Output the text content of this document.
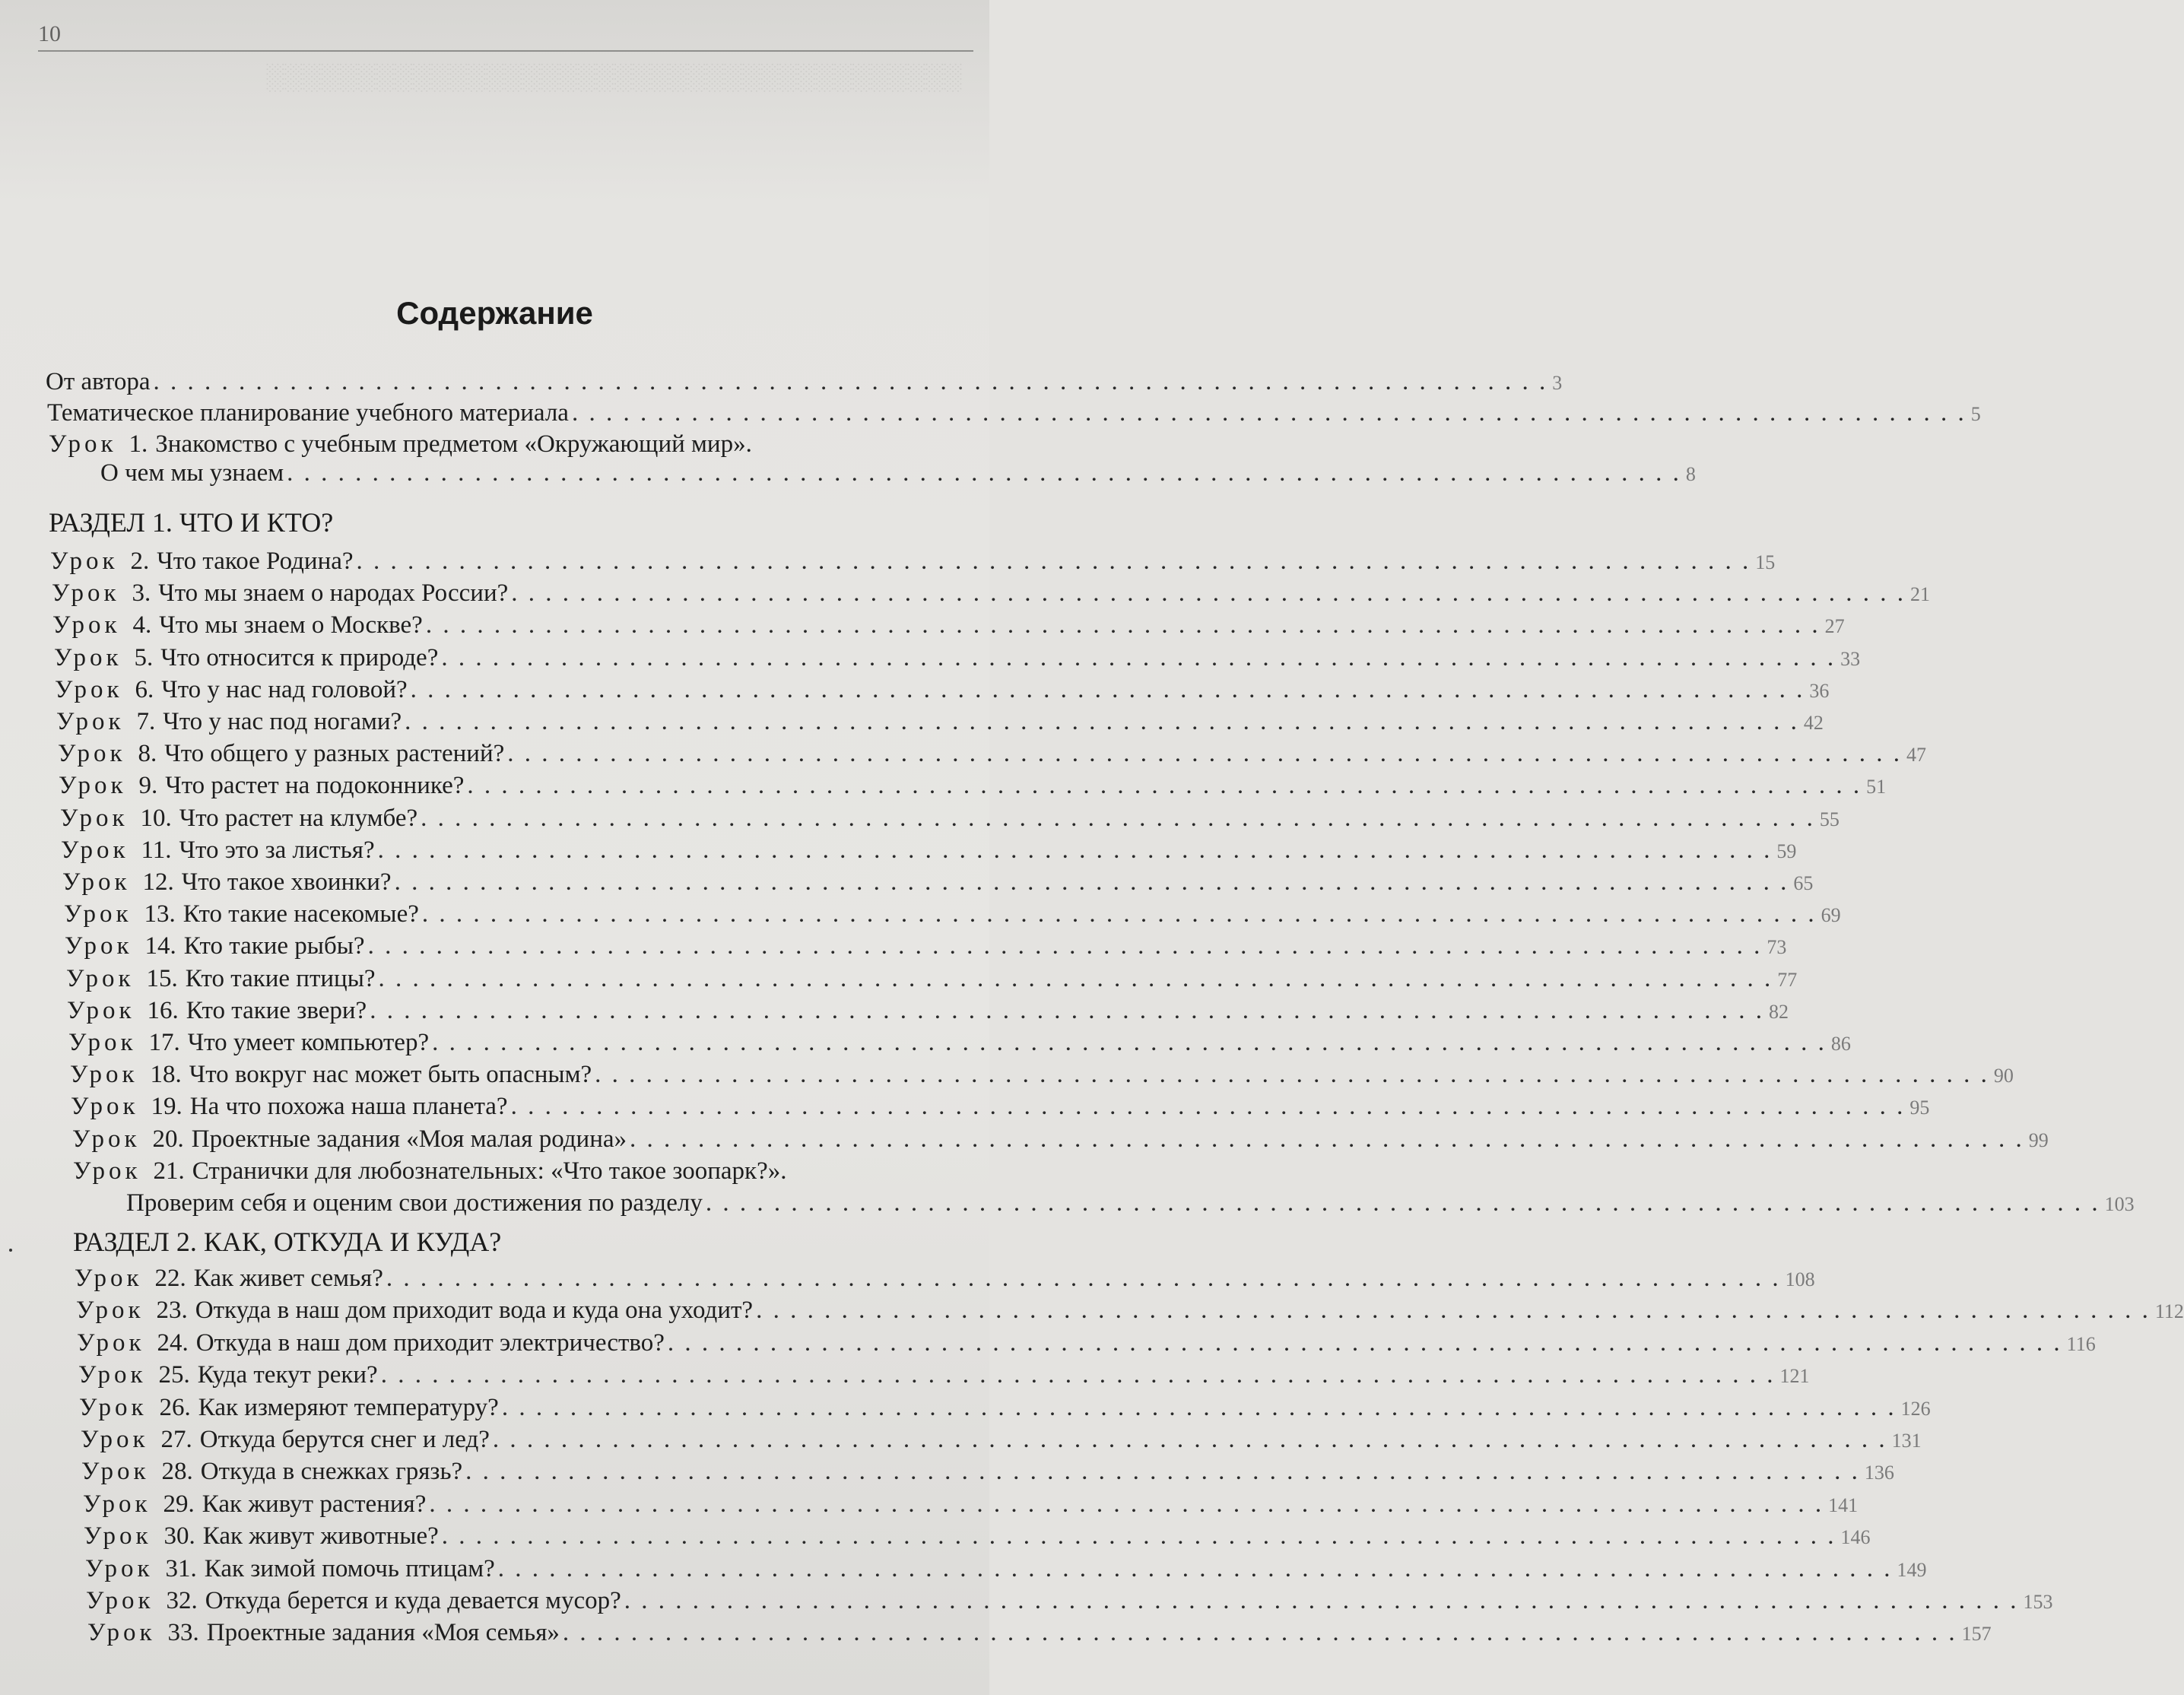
░░░░░░░░░░░░░░░░░░░░░░░░░░░░░░░░░░░░░░

10
Содержание
От автора . . . . . . . . . . . . . . . . . . . . . . . . . . . . . . . . . . . . . . . . . . . . . . . . . . . . . . . . . . . . . . . . . . . . . . . . . . . . . . . . . . 3
Тематическое планирование учебного материала . . . . . . . . . . . . . . . . . . . . . . . . . . . . . . . . . . . . . . . . . . . . . . . . . . . . . . . . . . . . . . . . . . . . . . . . . . . . . . . . . . 5
Урок 1. Знакомство с учебным предметом «Окружающий мир».
О чем мы узнаем . . . . . . . . . . . . . . . . . . . . . . . . . . . . . . . . . . . . . . . . . . . . . . . . . . . . . . . . . . . . . . . . . . . . . . . . . . . . . . . . . . 8
РАЗДЕЛ 1. ЧТО И КТО?
Урок 2. Что такое Родина? . . . . . . . . . . . . . . . . . . . . . . . . . . . . . . . . . . . . . . . . . . . . . . . . . . . . . . . . . . . . . . . . . . . . . . . . . . . . . . . . . . 15
Урок 3. Что мы знаем о народах России? . . . . . . . . . . . . . . . . . . . . . . . . . . . . . . . . . . . . . . . . . . . . . . . . . . . . . . . . . . . . . . . . . . . . . . . . . . . . . . . . . . 21
Урок 4. Что мы знаем о Москве? . . . . . . . . . . . . . . . . . . . . . . . . . . . . . . . . . . . . . . . . . . . . . . . . . . . . . . . . . . . . . . . . . . . . . . . . . . . . . . . . . . 27
Урок 5. Что относится к природе? . . . . . . . . . . . . . . . . . . . . . . . . . . . . . . . . . . . . . . . . . . . . . . . . . . . . . . . . . . . . . . . . . . . . . . . . . . . . . . . . . . 33
Урок 6. Что у нас над головой? . . . . . . . . . . . . . . . . . . . . . . . . . . . . . . . . . . . . . . . . . . . . . . . . . . . . . . . . . . . . . . . . . . . . . . . . . . . . . . . . . . 36
Урок 7. Что у нас под ногами? . . . . . . . . . . . . . . . . . . . . . . . . . . . . . . . . . . . . . . . . . . . . . . . . . . . . . . . . . . . . . . . . . . . . . . . . . . . . . . . . . . 42
Урок 8. Что общего у разных растений? . . . . . . . . . . . . . . . . . . . . . . . . . . . . . . . . . . . . . . . . . . . . . . . . . . . . . . . . . . . . . . . . . . . . . . . . . . . . . . . . . . 47
Урок 9. Что растет на подоконнике? . . . . . . . . . . . . . . . . . . . . . . . . . . . . . . . . . . . . . . . . . . . . . . . . . . . . . . . . . . . . . . . . . . . . . . . . . . . . . . . . . . 51
Урок 10. Что растет на клумбе? . . . . . . . . . . . . . . . . . . . . . . . . . . . . . . . . . . . . . . . . . . . . . . . . . . . . . . . . . . . . . . . . . . . . . . . . . . . . . . . . . . 55
Урок 11. Что это за листья? . . . . . . . . . . . . . . . . . . . . . . . . . . . . . . . . . . . . . . . . . . . . . . . . . . . . . . . . . . . . . . . . . . . . . . . . . . . . . . . . . . 59
Урок 12. Что такое хвоинки? . . . . . . . . . . . . . . . . . . . . . . . . . . . . . . . . . . . . . . . . . . . . . . . . . . . . . . . . . . . . . . . . . . . . . . . . . . . . . . . . . . 65
Урок 13. Кто такие насекомые? . . . . . . . . . . . . . . . . . . . . . . . . . . . . . . . . . . . . . . . . . . . . . . . . . . . . . . . . . . . . . . . . . . . . . . . . . . . . . . . . . . 69
Урок 14. Кто такие рыбы? . . . . . . . . . . . . . . . . . . . . . . . . . . . . . . . . . . . . . . . . . . . . . . . . . . . . . . . . . . . . . . . . . . . . . . . . . . . . . . . . . . 73
Урок 15. Кто такие птицы? . . . . . . . . . . . . . . . . . . . . . . . . . . . . . . . . . . . . . . . . . . . . . . . . . . . . . . . . . . . . . . . . . . . . . . . . . . . . . . . . . . 77
Урок 16. Кто такие звери? . . . . . . . . . . . . . . . . . . . . . . . . . . . . . . . . . . . . . . . . . . . . . . . . . . . . . . . . . . . . . . . . . . . . . . . . . . . . . . . . . . 82
Урок 17. Что умеет компьютер? . . . . . . . . . . . . . . . . . . . . . . . . . . . . . . . . . . . . . . . . . . . . . . . . . . . . . . . . . . . . . . . . . . . . . . . . . . . . . . . . . . 86
Урок 18. Что вокруг нас может быть опасным? . . . . . . . . . . . . . . . . . . . . . . . . . . . . . . . . . . . . . . . . . . . . . . . . . . . . . . . . . . . . . . . . . . . . . . . . . . . . . . . . . . 90
Урок 19. На что похожа наша планета? . . . . . . . . . . . . . . . . . . . . . . . . . . . . . . . . . . . . . . . . . . . . . . . . . . . . . . . . . . . . . . . . . . . . . . . . . . . . . . . . . . 95
Урок 20. Проектные задания «Моя малая родина» . . . . . . . . . . . . . . . . . . . . . . . . . . . . . . . . . . . . . . . . . . . . . . . . . . . . . . . . . . . . . . . . . . . . . . . . . . . . . . . . . . 99
Урок 21. Странички для любознательных: «Что такое зоопарк?».
Проверим себя и оценим свои достижения по разделу . . . . . . . . . . . . . . . . . . . . . . . . . . . . . . . . . . . . . . . . . . . . . . . . . . . . . . . . . . . . . . . . . . . . . . . . . . . . . . . . . . 103
РАЗДЕЛ 2. КАК, ОТКУДА И КУДА?
Урок 22. Как живет семья? . . . . . . . . . . . . . . . . . . . . . . . . . . . . . . . . . . . . . . . . . . . . . . . . . . . . . . . . . . . . . . . . . . . . . . . . . . . . . . . . . . 108
Урок 23. Откуда в наш дом приходит вода и куда она уходит? . . . . . . . . . . . . . . . . . . . . . . . . . . . . . . . . . . . . . . . . . . . . . . . . . . . . . . . . . . . . . . . . . . . . . . . . . . . . . . . . . . 112
Урок 24. Откуда в наш дом приходит электричество? . . . . . . . . . . . . . . . . . . . . . . . . . . . . . . . . . . . . . . . . . . . . . . . . . . . . . . . . . . . . . . . . . . . . . . . . . . . . . . . . . . 116
Урок 25. Куда текут реки? . . . . . . . . . . . . . . . . . . . . . . . . . . . . . . . . . . . . . . . . . . . . . . . . . . . . . . . . . . . . . . . . . . . . . . . . . . . . . . . . . . 121
Урок 26. Как измеряют температуру? . . . . . . . . . . . . . . . . . . . . . . . . . . . . . . . . . . . . . . . . . . . . . . . . . . . . . . . . . . . . . . . . . . . . . . . . . . . . . . . . . . 126
Урок 27. Откуда берутся снег и лед? . . . . . . . . . . . . . . . . . . . . . . . . . . . . . . . . . . . . . . . . . . . . . . . . . . . . . . . . . . . . . . . . . . . . . . . . . . . . . . . . . . 131
Урок 28. Откуда в снежках грязь? . . . . . . . . . . . . . . . . . . . . . . . . . . . . . . . . . . . . . . . . . . . . . . . . . . . . . . . . . . . . . . . . . . . . . . . . . . . . . . . . . . 136
Урок 29. Как живут растения? . . . . . . . . . . . . . . . . . . . . . . . . . . . . . . . . . . . . . . . . . . . . . . . . . . . . . . . . . . . . . . . . . . . . . . . . . . . . . . . . . . 141
Урок 30. Как живут животные? . . . . . . . . . . . . . . . . . . . . . . . . . . . . . . . . . . . . . . . . . . . . . . . . . . . . . . . . . . . . . . . . . . . . . . . . . . . . . . . . . . 146
Урок 31. Как зимой помочь птицам? . . . . . . . . . . . . . . . . . . . . . . . . . . . . . . . . . . . . . . . . . . . . . . . . . . . . . . . . . . . . . . . . . . . . . . . . . . . . . . . . . . 149
Урок 32. Откуда берется и куда девается мусор? . . . . . . . . . . . . . . . . . . . . . . . . . . . . . . . . . . . . . . . . . . . . . . . . . . . . . . . . . . . . . . . . . . . . . . . . . . . . . . . . . . 153
Урок 33. Проектные задания «Моя семья» . . . . . . . . . . . . . . . . . . . . . . . . . . . . . . . . . . . . . . . . . . . . . . . . . . . . . . . . . . . . . . . . . . . . . . . . . . . . . . . . . . 157
